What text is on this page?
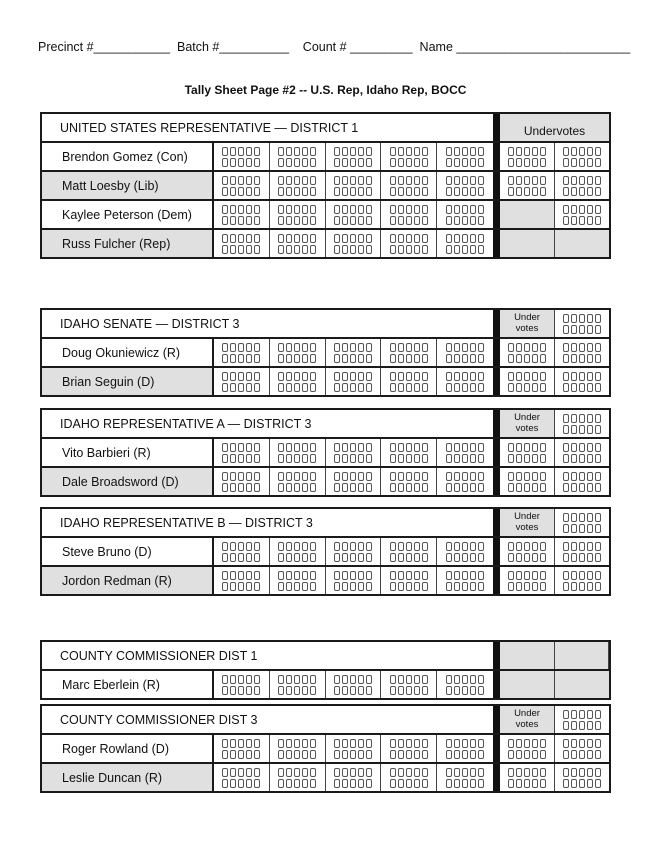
Precinct #___________  Batch #__________    Count # _________  Name _________________________
Tally Sheet Page #2 -- U.S. Rep, Idaho Rep, BOCC
UNITED STATES REPRESENTATIVE — DISTRICT 1	Undervotes
Brendon Gomez (Con)
Matt Loesby (Lib)
Kaylee Peterson (Dem)
Russ Fulcher (Rep)
IDAHO SENATE — DISTRICT 3	Under
votes
Doug Okuniewicz (R)
Brian Seguin (D)
IDAHO REPRESENTATIVE A — DISTRICT 3	Under
votes
Vito Barbieri (R)
Dale Broadsword (D)
IDAHO REPRESENTATIVE B — DISTRICT 3	Under
votes
Steve Bruno (D)
Jordon Redman (R)
COUNTY COMMISSIONER DIST 1
Marc Eberlein (R)
COUNTY COMMISSIONER DIST 3	Under
votes
Roger Rowland (D)
Leslie Duncan (R)
